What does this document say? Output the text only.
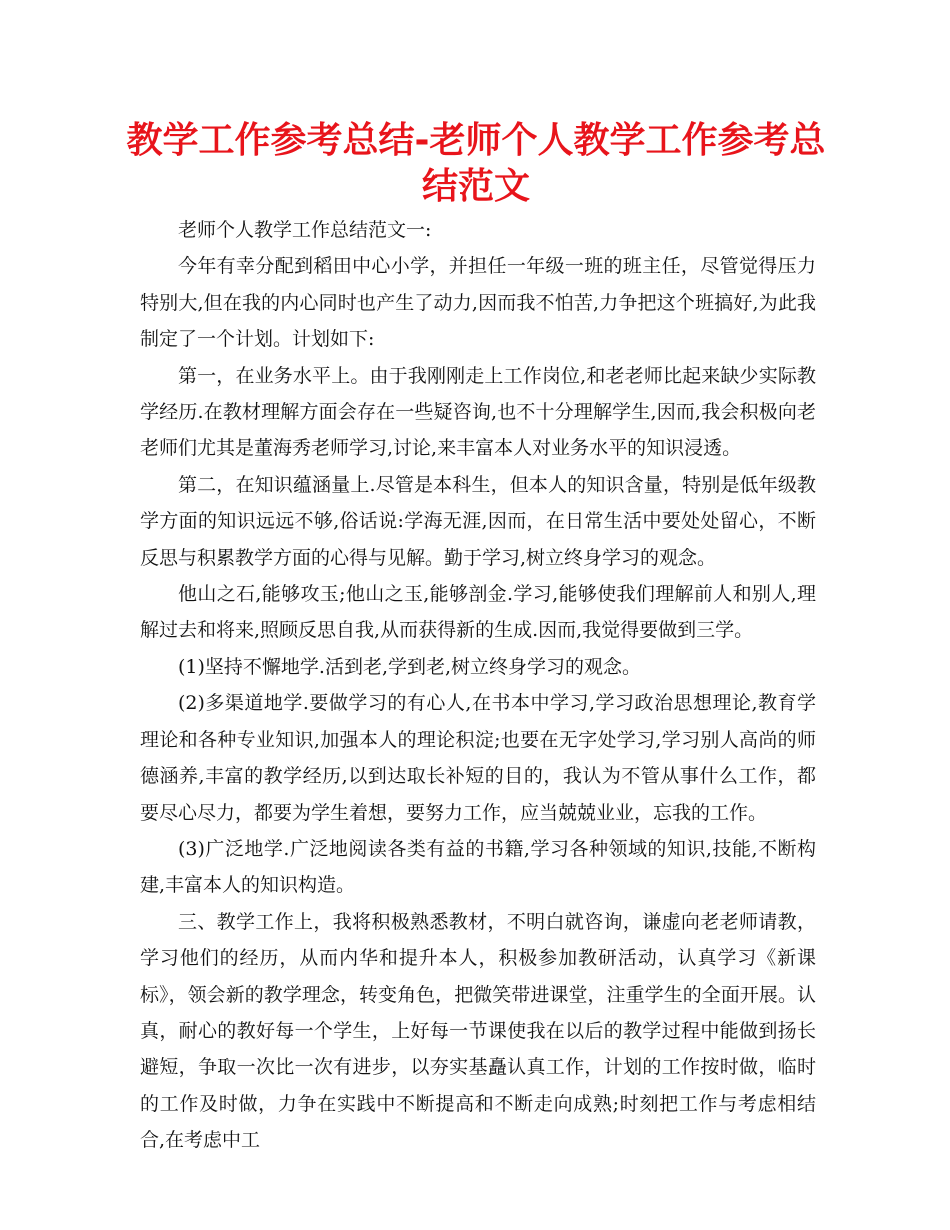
教学工作参考总结-老师个人教学工作参考总结范文

老师个人教学工作总结范文一:

今年有幸分配到稻田中心小学，并担任一年级一班的班主任，尽管觉得压力特别大,但在我的内心同时也产生了动力,因而我不怕苦,力争把这个班搞好,为此我制定了一个计划。计划如下:

第一，在业务水平上。由于我刚刚走上工作岗位,和老老师比起来缺少实际教学经历.在教材理解方面会存在一些疑咨询,也不十分理解学生,因而,我会积极向老老师们尤其是董海秀老师学习,讨论,来丰富本人对业务水平的知识浸透。

第二，在知识蕴涵量上.尽管是本科生，但本人的知识含量，特别是低年级教学方面的知识远远不够,俗话说:学海无涯,因而，在日常生活中要处处留心，不断反思与积累教学方面的心得与见解。勤于学习,树立终身学习的观念。

他山之石,能够攻玉;他山之玉,能够剖金.学习,能够使我们理解前人和别人,理解过去和将来,照顾反思自我,从而获得新的生成.因而,我觉得要做到三学。

(1)坚持不懈地学.活到老,学到老,树立终身学习的观念。

(2)多渠道地学.要做学习的有心人,在书本中学习,学习政治思想理论,教育学理论和各种专业知识,加强本人的理论积淀;也要在无字处学习,学习别人高尚的师德涵养,丰富的教学经历,以到达取长补短的目的，我认为不管从事什么工作，都要尽心尽力，都要为学生着想，要努力工作，应当兢兢业业，忘我的工作。

(3)广泛地学.广泛地阅读各类有益的书籍,学习各种领域的知识,技能,不断构建,丰富本人的知识构造。

三、教学工作上，我将积极熟悉教材，不明白就咨询，谦虚向老老师请教，学习他们的经历，从而内华和提升本人，积极参加教研活动，认真学习《新课标》，领会新的教学理念，转变角色，把微笑带进课堂，注重学生的全面开展。认真，耐心的教好每一个学生，上好每一节课使我在以后的教学过程中能做到扬长避短，争取一次比一次有进步，以夯实基矗认真工作，计划的工作按时做，临时的工作及时做，力争在实践中不断提高和不断走向成熟;时刻把工作与考虑相结合,在考虑中工
